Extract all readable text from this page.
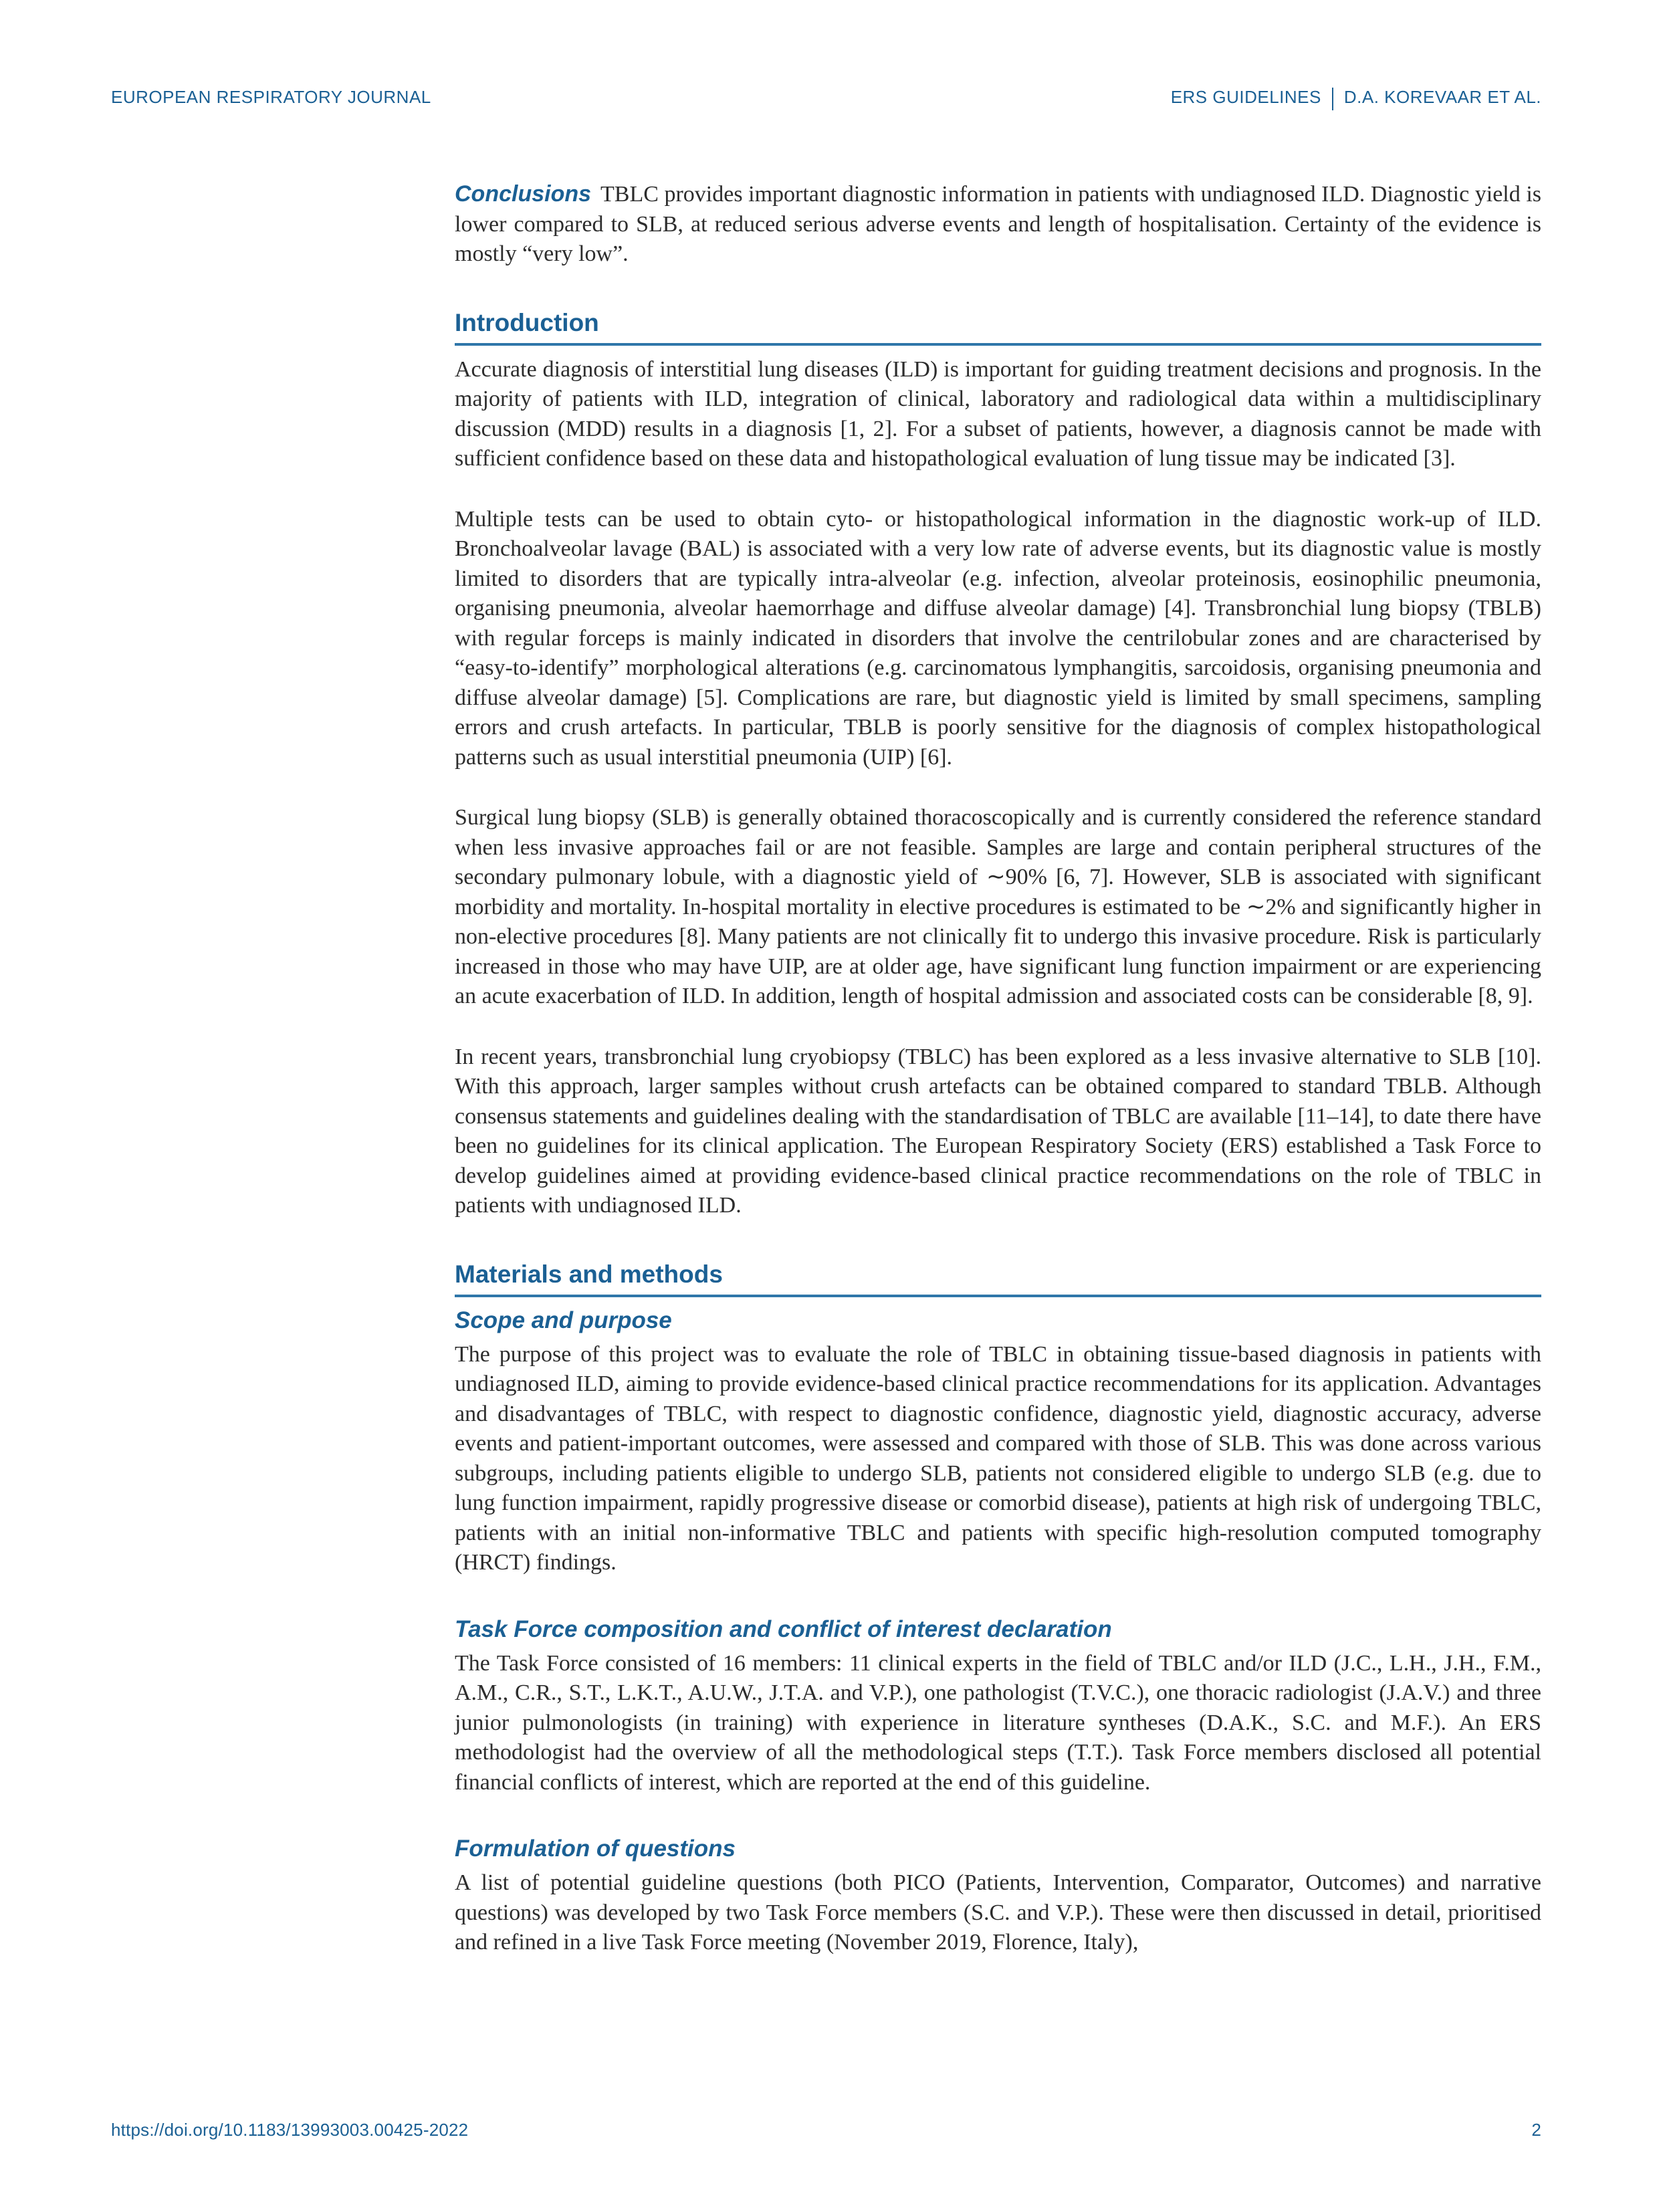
EUROPEAN RESPIRATORY JOURNAL	ERS GUIDELINES D.A. KOREVAAR ET AL.

Conclusions TBLC provides important diagnostic information in patients with undiagnosed ILD. Diagnostic yield is lower compared to SLB, at reduced serious adverse events and length of hospitalisation. Certainty of the evidence is mostly “very low”.

Introduction

Accurate diagnosis of interstitial lung diseases (ILD) is important for guiding treatment decisions and prognosis. In the majority of patients with ILD, integration of clinical, laboratory and radiological data within a multidisciplinary discussion (MDD) results in a diagnosis [1, 2]. For a subset of patients, however, a diagnosis cannot be made with sufficient confidence based on these data and histopathological evaluation of lung tissue may be indicated [3].

Multiple tests can be used to obtain cyto- or histopathological information in the diagnostic work-up of ILD. Bronchoalveolar lavage (BAL) is associated with a very low rate of adverse events, but its diagnostic value is mostly limited to disorders that are typically intra-alveolar (e.g. infection, alveolar proteinosis, eosinophilic pneumonia, organising pneumonia, alveolar haemorrhage and diffuse alveolar damage) [4]. Transbronchial lung biopsy (TBLB) with regular forceps is mainly indicated in disorders that involve the centrilobular zones and are characterised by “easy-to-identify” morphological alterations (e.g. carcinomatous lymphangitis, sarcoidosis, organising pneumonia and diffuse alveolar damage) [5]. Complications are rare, but diagnostic yield is limited by small specimens, sampling errors and crush artefacts. In particular, TBLB is poorly sensitive for the diagnosis of complex histopathological patterns such as usual interstitial pneumonia (UIP) [6].

Surgical lung biopsy (SLB) is generally obtained thoracoscopically and is currently considered the reference standard when less invasive approaches fail or are not feasible. Samples are large and contain peripheral structures of the secondary pulmonary lobule, with a diagnostic yield of ∼90% [6, 7]. However, SLB is associated with significant morbidity and mortality. In-hospital mortality in elective procedures is estimated to be ∼2% and significantly higher in non-elective procedures [8]. Many patients are not clinically fit to undergo this invasive procedure. Risk is particularly increased in those who may have UIP, are at older age, have significant lung function impairment or are experiencing an acute exacerbation of ILD. In addition, length of hospital admission and associated costs can be considerable [8, 9].

In recent years, transbronchial lung cryobiopsy (TBLC) has been explored as a less invasive alternative to SLB [10]. With this approach, larger samples without crush artefacts can be obtained compared to standard TBLB. Although consensus statements and guidelines dealing with the standardisation of TBLC are available [11–14], to date there have been no guidelines for its clinical application. The European Respiratory Society (ERS) established a Task Force to develop guidelines aimed at providing evidence-based clinical practice recommendations on the role of TBLC in patients with undiagnosed ILD.

Materials and methods
Scope and purpose

The purpose of this project was to evaluate the role of TBLC in obtaining tissue-based diagnosis in patients with undiagnosed ILD, aiming to provide evidence-based clinical practice recommendations for its application. Advantages and disadvantages of TBLC, with respect to diagnostic confidence, diagnostic yield, diagnostic accuracy, adverse events and patient-important outcomes, were assessed and compared with those of SLB. This was done across various subgroups, including patients eligible to undergo SLB, patients not considered eligible to undergo SLB (e.g. due to lung function impairment, rapidly progressive disease or comorbid disease), patients at high risk of undergoing TBLC, patients with an initial non-informative TBLC and patients with specific high-resolution computed tomography (HRCT) findings.

Task Force composition and conflict of interest declaration

The Task Force consisted of 16 members: 11 clinical experts in the field of TBLC and/or ILD (J.C., L.H., J.H., F.M., A.M., C.R., S.T., L.K.T., A.U.W., J.T.A. and V.P.), one pathologist (T.V.C.), one thoracic radiologist (J.A.V.) and three junior pulmonologists (in training) with experience in literature syntheses (D.A.K., S.C. and M.F.). An ERS methodologist had the overview of all the methodological steps (T.T.). Task Force members disclosed all potential financial conflicts of interest, which are reported at the end of this guideline.

Formulation of questions

A list of potential guideline questions (both PICO (Patients, Intervention, Comparator, Outcomes) and narrative questions) was developed by two Task Force members (S.C. and V.P.). These were then discussed in detail, prioritised and refined in a live Task Force meeting (November 2019, Florence, Italy),

https://doi.org/10.1183/13993003.00425-2022	2
